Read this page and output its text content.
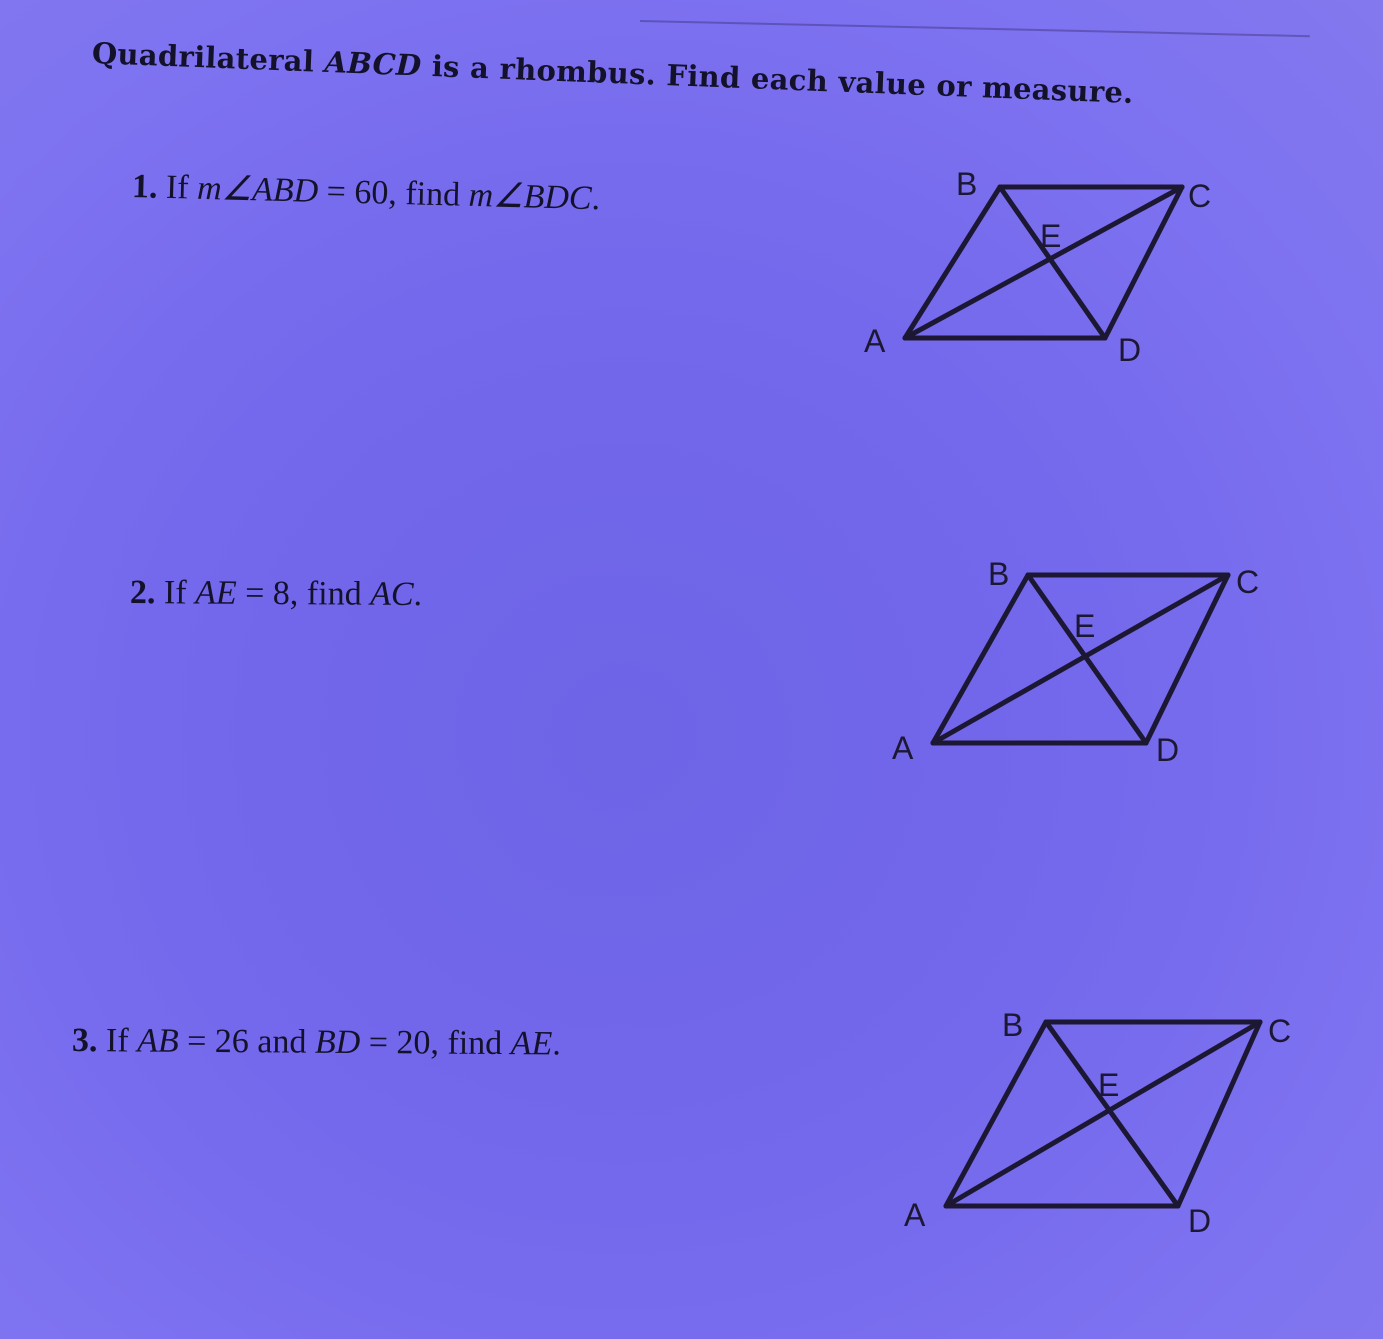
Quadrilateral ABCD is a rhombus. Find each value or measure.
1. If m∠ABD = 60, find m∠BDC.
A
B	C
D
E
2. If AE = 8, find AC.
A
B	C
D
E
3. If AB = 26 and BD = 20, find AE.
A
B	C
D
E
